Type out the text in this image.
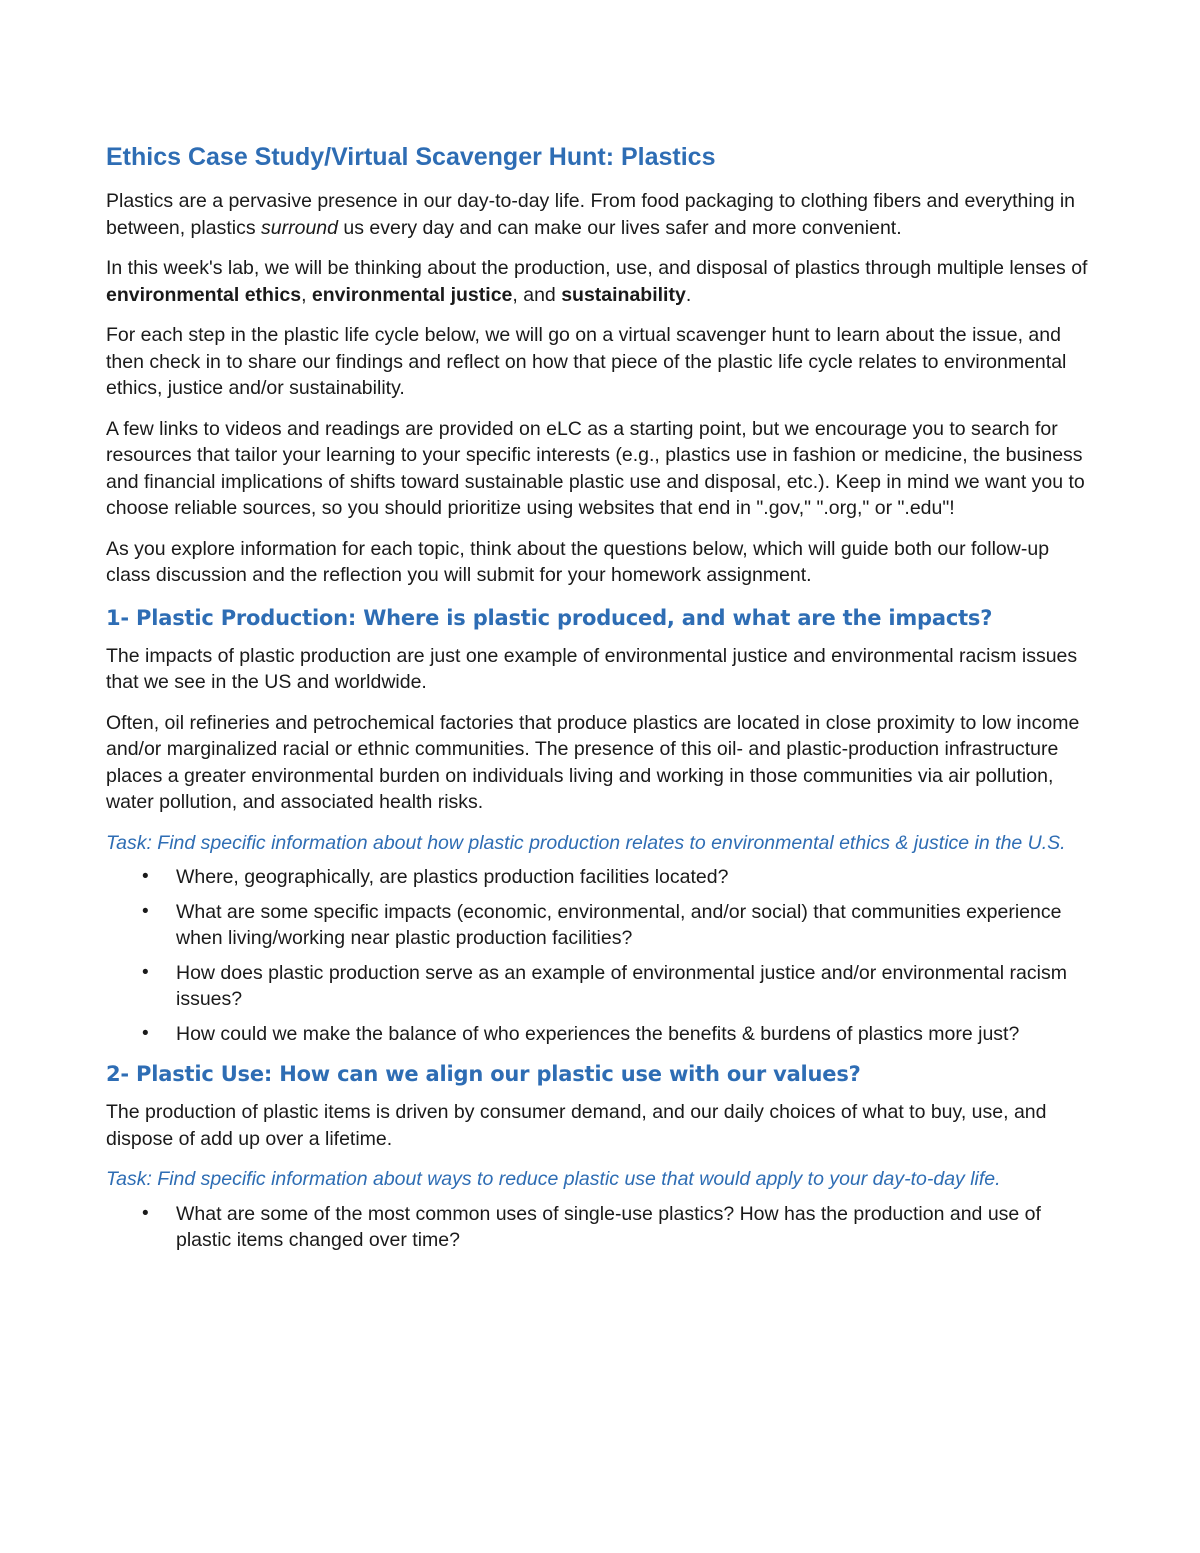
Ethics Case Study/Virtual Scavenger Hunt: Plastics

Plastics are a pervasive presence in our day-to-day life. From food packaging to clothing fibers and everything in between, plastics surround us every day and can make our lives safer and more convenient.

In this week's lab, we will be thinking about the production, use, and disposal of plastics through multiple lenses of environmental ethics, environmental justice, and sustainability.

For each step in the plastic life cycle below, we will go on a virtual scavenger hunt to learn about the issue, and then check in to share our findings and reflect on how that piece of the plastic life cycle relates to environmental ethics, justice and/or sustainability.

A few links to videos and readings are provided on eLC as a starting point, but we encourage you to search for resources that tailor your learning to your specific interests (e.g., plastics use in fashion or medicine, the business and financial implications of shifts toward sustainable plastic use and disposal, etc.). Keep in mind we want you to choose reliable sources, so you should prioritize using websites that end in ".gov," ".org," or ".edu"!

As you explore information for each topic, think about the questions below, which will guide both our follow-up class discussion and the reflection you will submit for your homework assignment.

1- Plastic Production: Where is plastic produced, and what are the impacts?

The impacts of plastic production are just one example of environmental justice and environmental racism issues that we see in the US and worldwide.

Often, oil refineries and petrochemical factories that produce plastics are located in close proximity to low income and/or marginalized racial or ethnic communities. The presence of this oil- and plastic-production infrastructure places a greater environmental burden on individuals living and working in those communities via air pollution, water pollution, and associated health risks.

Task: Find specific information about how plastic production relates to environmental ethics & justice in the U.S.

• Where, geographically, are plastics production facilities located?
• What are some specific impacts (economic, environmental, and/or social) that communities experience when living/working near plastic production facilities?
• How does plastic production serve as an example of environmental justice and/or environmental racism issues?
• How could we make the balance of who experiences the benefits & burdens of plastics more just?
2- Plastic Use: How can we align our plastic use with our values?

The production of plastic items is driven by consumer demand, and our daily choices of what to buy, use, and dispose of add up over a lifetime.

Task: Find specific information about ways to reduce plastic use that would apply to your day-to-day life.

• What are some of the most common uses of single-use plastics? How has the production and use of plastic items changed over time?
